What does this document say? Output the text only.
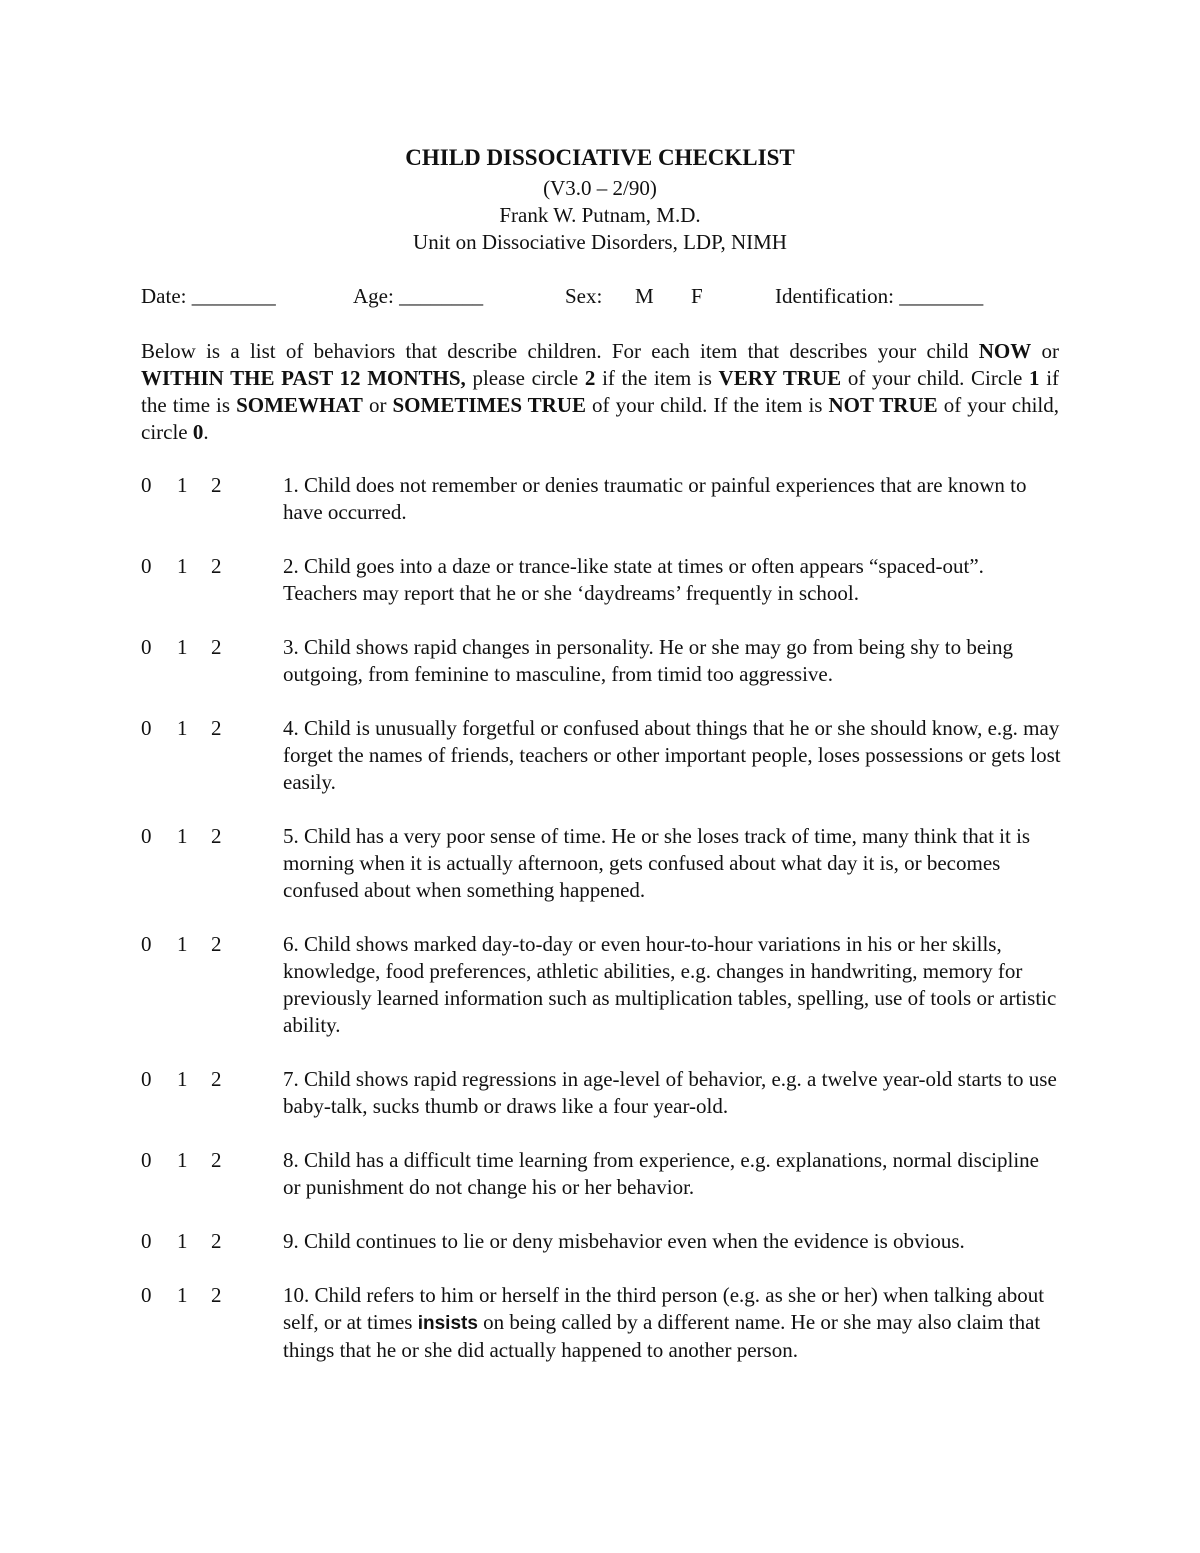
CHILD DISSOCIATIVE CHECKLIST
(V3.0 – 2/90)
Frank W. Putnam, M.D.
Unit on Dissociative Disorders, LDP, NIMH
Date: ________	Age: ________	Sex: M F	Identification: ________
Below is a list of behaviors that describe children. For each item that describes your child NOW or WITHIN THE PAST 12 MONTHS, please circle 2 if the item is VERY TRUE of your child. Circle 1 if the time is SOMEWHAT or SOMETIMES TRUE of your child. If the item is NOT TRUE of your child, circle 0.
0 1 2	1. Child does not remember or denies traumatic or painful experiences that are known to have occurred.
0 1 2	2. Child goes into a daze or trance-like state at times or often appears “spaced-out”. Teachers may report that he or she ‘daydreams’ frequently in school.
0 1 2	3. Child shows rapid changes in personality. He or she may go from being shy to being outgoing, from feminine to masculine, from timid too aggressive.
0 1 2	4. Child is unusually forgetful or confused about things that he or she should know, e.g. may forget the names of friends, teachers or other important people, loses possessions or gets lost easily.
0 1 2	5. Child has a very poor sense of time. He or she loses track of time, many think that it is morning when it is actually afternoon, gets confused about what day it is, or becomes confused about when something happened.
0 1 2	6. Child shows marked day-to-day or even hour-to-hour variations in his or her skills, knowledge, food preferences, athletic abilities, e.g. changes in handwriting, memory for previously learned information such as multiplication tables, spelling, use of tools or artistic ability.
0 1 2	7. Child shows rapid regressions in age-level of behavior, e.g. a twelve year-old starts to use baby-talk, sucks thumb or draws like a four year-old.
0 1 2	8. Child has a difficult time learning from experience, e.g. explanations, normal discipline or punishment do not change his or her behavior.
0 1 2	9. Child continues to lie or deny misbehavior even when the evidence is obvious.
0 1 2	10. Child refers to him or herself in the third person (e.g. as she or her) when talking about self, or at times insists on being called by a different name. He or she may also claim that things that he or she did actually happened to another person.
